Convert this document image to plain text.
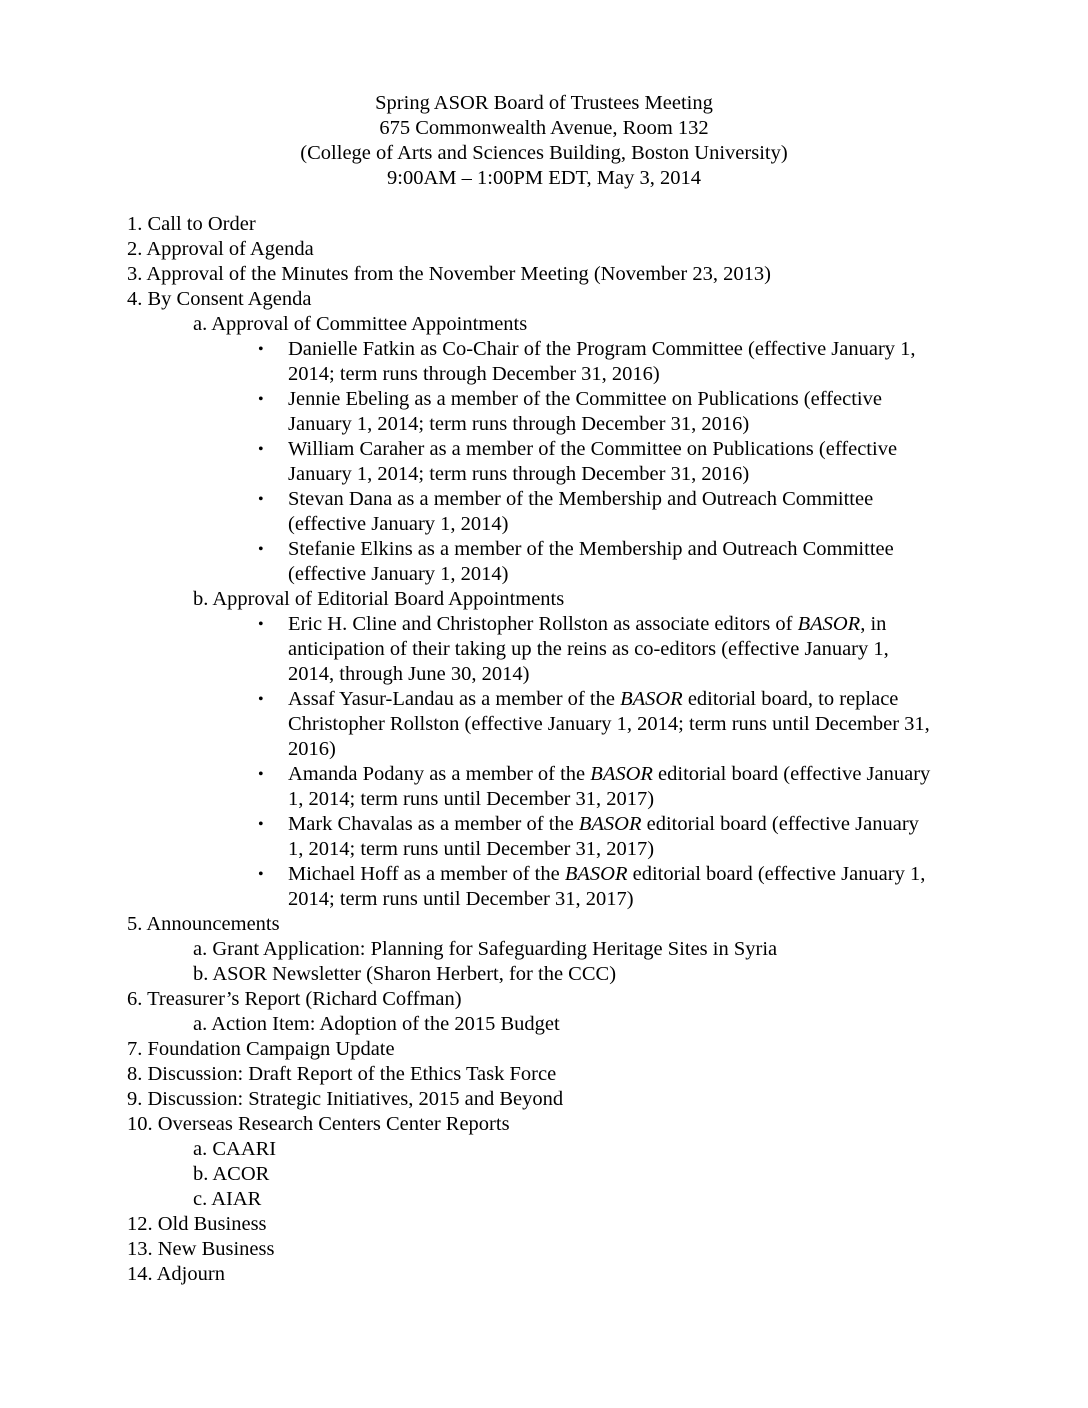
Spring ASOR Board of Trustees Meeting
675 Commonwealth Avenue, Room 132
(College of Arts and Sciences Building, Boston University)
9:00AM – 1:00PM EDT, May 3, 2014
1. Call to Order
2. Approval of Agenda
3. Approval of the Minutes from the November Meeting (November 23, 2013)
4. By Consent Agenda
a. Approval of Committee Appointments
• Danielle Fatkin as Co-Chair of the Program Committee (effective January 1,
2014; term runs through December 31, 2016)
• Jennie Ebeling as a member of the Committee on Publications (effective
January 1, 2014; term runs through December 31, 2016)
• William Caraher as a member of the Committee on Publications (effective
January 1, 2014; term runs through December 31, 2016)
• Stevan Dana as a member of the Membership and Outreach Committee
(effective January 1, 2014)
• Stefanie Elkins as a member of the Membership and Outreach Committee
(effective January 1, 2014)
b. Approval of Editorial Board Appointments
• Eric H. Cline and Christopher Rollston as associate editors of BASOR, in
anticipation of their taking up the reins as co-editors (effective January 1,
2014, through June 30, 2014)
• Assaf Yasur-Landau as a member of the BASOR editorial board, to replace
Christopher Rollston (effective January 1, 2014; term runs until December 31,
2016)
• Amanda Podany as a member of the BASOR editorial board (effective January
1, 2014; term runs until December 31, 2017)
• Mark Chavalas as a member of the BASOR editorial board (effective January
1, 2014; term runs until December 31, 2017)
• Michael Hoff as a member of the BASOR editorial board (effective January 1,
2014; term runs until December 31, 2017)
5. Announcements
a. Grant Application: Planning for Safeguarding Heritage Sites in Syria
b. ASOR Newsletter (Sharon Herbert, for the CCC)
6. Treasurer’s Report (Richard Coffman)
a. Action Item: Adoption of the 2015 Budget
7. Foundation Campaign Update
8. Discussion: Draft Report of the Ethics Task Force
9. Discussion: Strategic Initiatives, 2015 and Beyond
10. Overseas Research Centers Center Reports
a. CAARI
b. ACOR
c. AIAR
12. Old Business
13. New Business
14. Adjourn
